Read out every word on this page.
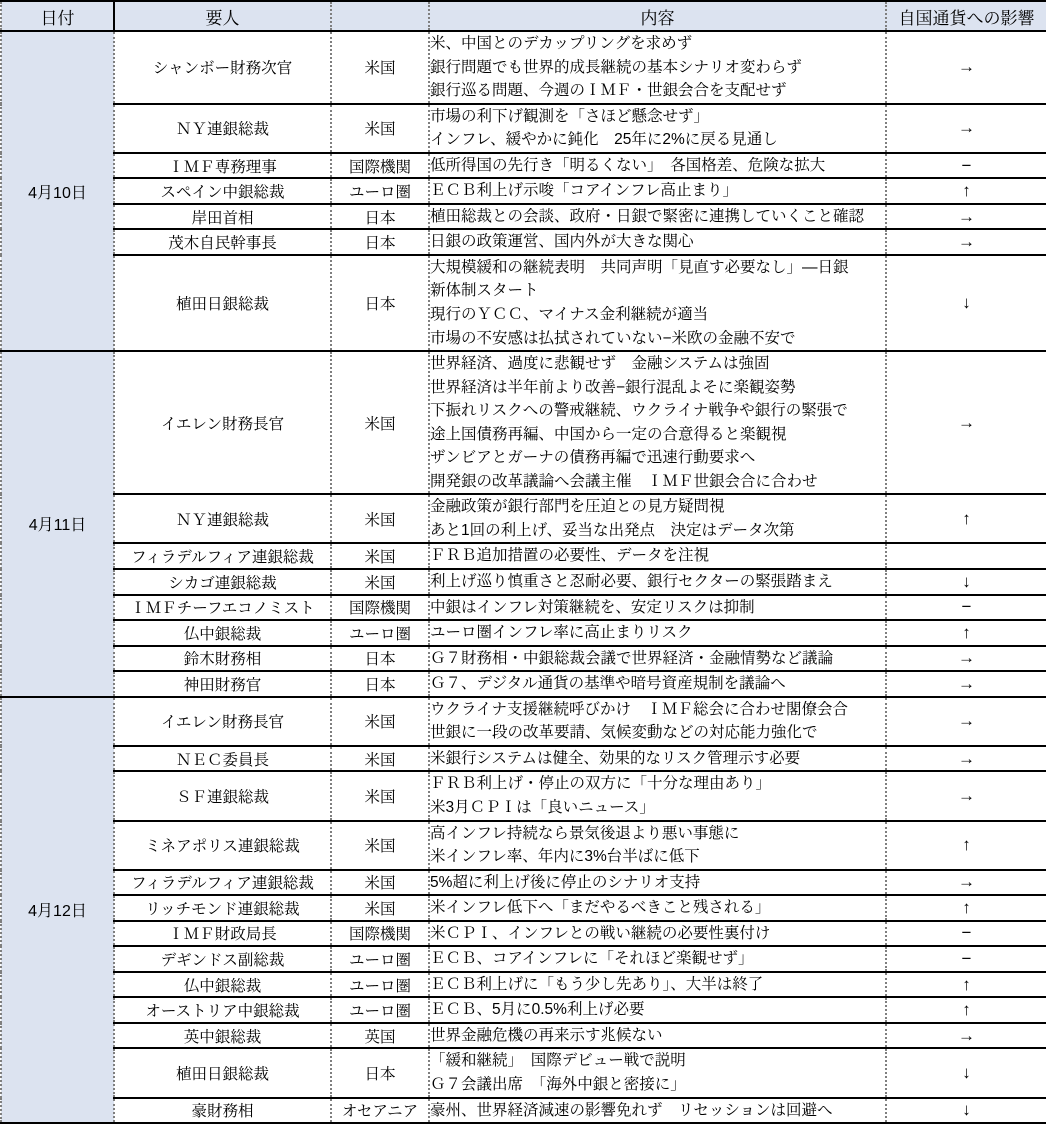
日付	要人		内容	自国通貨への影響
4月10日	シャンボー財務次官	米国	米、中国とのデカップリングを求めず
銀行問題でも世界的成長継続の基本シナリオ変わらず
銀行巡る問題、今週のＩＭＦ・世銀会合を支配せず	→
	ＮＹ連銀総裁	米国	市場の利下げ観測を「さほど懸念せず」
インフレ、緩やかに鈍化　25年に2%に戻る見通し	→
	ＩＭＦ専務理事	国際機関	低所得国の先行き「明るくない」　各国格差、危険な拡大	−
	スペイン中銀総裁	ユーロ圏	ＥＣＢ利上げ示唆「コアインフレ高止まり」	↑
	岸田首相	日本	植田総裁との会談、政府・日銀で緊密に連携していくこと確認	→
	茂木自民幹事長	日本	日銀の政策運営、国内外が大きな関心	→
	植田日銀総裁	日本	大規模緩和の継続表明　共同声明「見直す必要なし」―日銀
新体制スタート
現行のＹＣＣ、マイナス金利継続が適当
市場の不安感は払拭されていない−米欧の金融不安で	↓
4月11日	イエレン財務長官	米国	
世界経済、過度に悲観せず　金融システムは強固
世界経済は半年前より改善−銀行混乱よそに楽観姿勢
下振れリスクへの警戒継続、ウクライナ戦争や銀行の緊張で
途上国債務再編、中国から一定の合意得ると楽観視
ザンビアとガーナの債務再編で迅速行動要求へ
開発銀の改革議論へ会議主催　ＩＭＦ世銀会合に合わせ
	→
	ＮＹ連銀総裁	米国	金融政策が銀行部門を圧迫との見方疑問視
あと1回の利上げ、妥当な出発点　決定はデータ次第	↑
	フィラデルフィア連銀総裁	米国	ＦＲＢ追加措置の必要性、データを注視	

	シカゴ連銀総裁	米国	利上げ巡り慎重さと忍耐必要、銀行セクターの緊張踏まえ	↓
	ＩＭＦチーフエコノミスト	国際機関	中銀はインフレ対策継続を、安定リスクは抑制	−
	仏中銀総裁	ユーロ圏	ユーロ圏インフレ率に高止まりリスク	↑
	鈴木財務相	日本	Ｇ７財務相・中銀総裁会議で世界経済・金融情勢など議論	→
	神田財務官	日本	Ｇ７、デジタル通貨の基準や暗号資産規制を議論へ	→
4月12日	イエレン財務長官	米国	ウクライナ支援継続呼びかけ　ＩＭＦ総会に合わせ閣僚会合
世銀に一段の改革要請、気候変動などの対応能力強化で	→
	ＮＥＣ委員長	米国	米銀行システムは健全、効果的なリスク管理示す必要	→
	ＳＦ連銀総裁	米国	ＦＲＢ利上げ・停止の双方に「十分な理由あり」
米3月ＣＰＩは「良いニュース」	→
	ミネアポリス連銀総裁	米国	高インフレ持続なら景気後退より悪い事態に
米インフレ率、年内に3%台半ばに低下	↑
	フィラデルフィア連銀総裁	米国	5%超に利上げ後に停止のシナリオ支持	→
	リッチモンド連銀総裁	米国	米インフレ低下へ「まだやるべきこと残される」	↑
	ＩＭＦ財政局長	国際機関	米ＣＰＩ、インフレとの戦い継続の必要性裏付け	−
	デギンドス副総裁	ユーロ圏	ＥＣＢ、コアインフレに「それほど楽観せず」	−
	仏中銀総裁	ユーロ圏	ＥＣＢ利上げに「もう少し先あり」、大半は終了	↑
	オーストリア中銀総裁	ユーロ圏	ＥＣＢ、5月に0.5%利上げ必要	↑
	英中銀総裁	英国	世界金融危機の再来示す兆候ない	→
	植田日銀総裁	日本	「緩和継続」　国際デビュー戦で説明
Ｇ７会議出席　「海外中銀と密接に」	↓
	豪財務相	オセアニア	豪州、世界経済減速の影響免れず　リセッションは回避へ	↓
